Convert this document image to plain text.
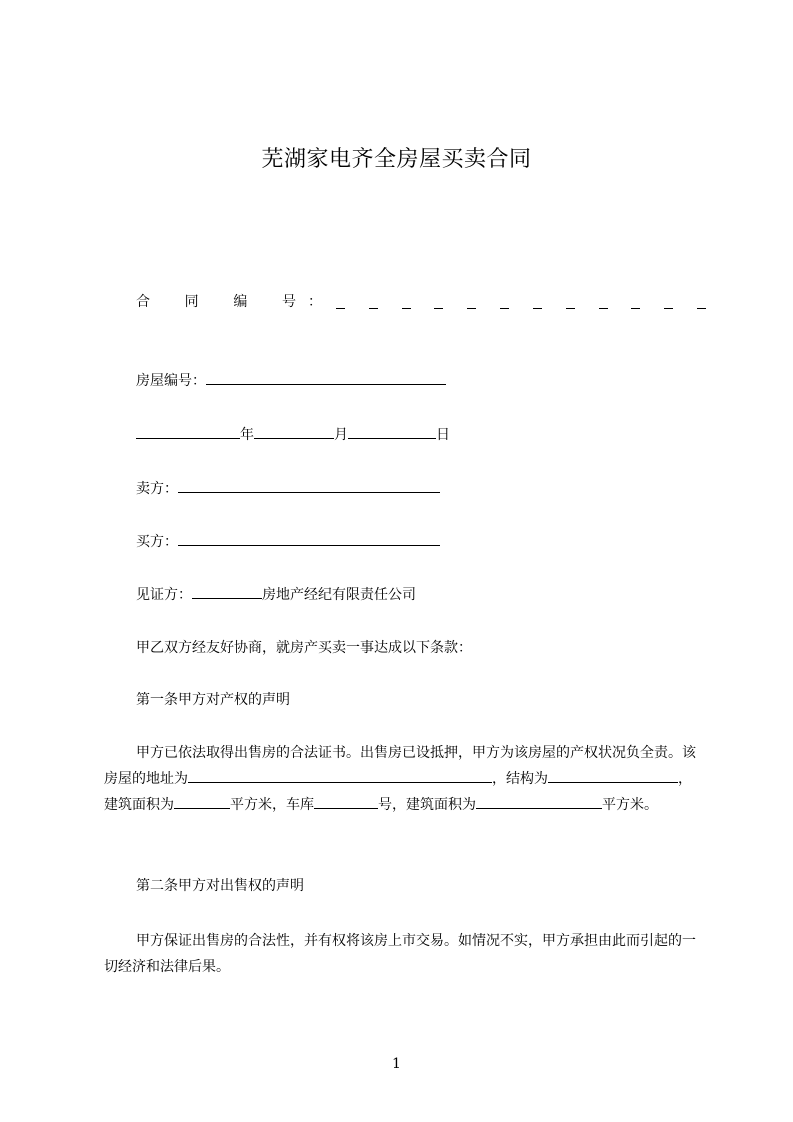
芜湖家电齐全房屋买卖合同
合 同 编 号 ：
房屋编号：
年	月	日
卖方：
买方：
见证方：	房地产经纪有限责任公司
甲乙双方经友好协商，就房产买卖一事达成以下条款：
第一条甲方对产权的声明
甲方已依法取得出售房的合法证书。出售房已设抵押，甲方为该房屋的产权状况负全责。该房屋的地址为	，结构为	，建筑面积为	平方米，车库	号，建筑面积为	平方米。
第二条甲方对出售权的声明
甲方保证出售房的合法性，并有权将该房上市交易。如情况不实，甲方承担由此而引起的一切经济和法律后果。
1
